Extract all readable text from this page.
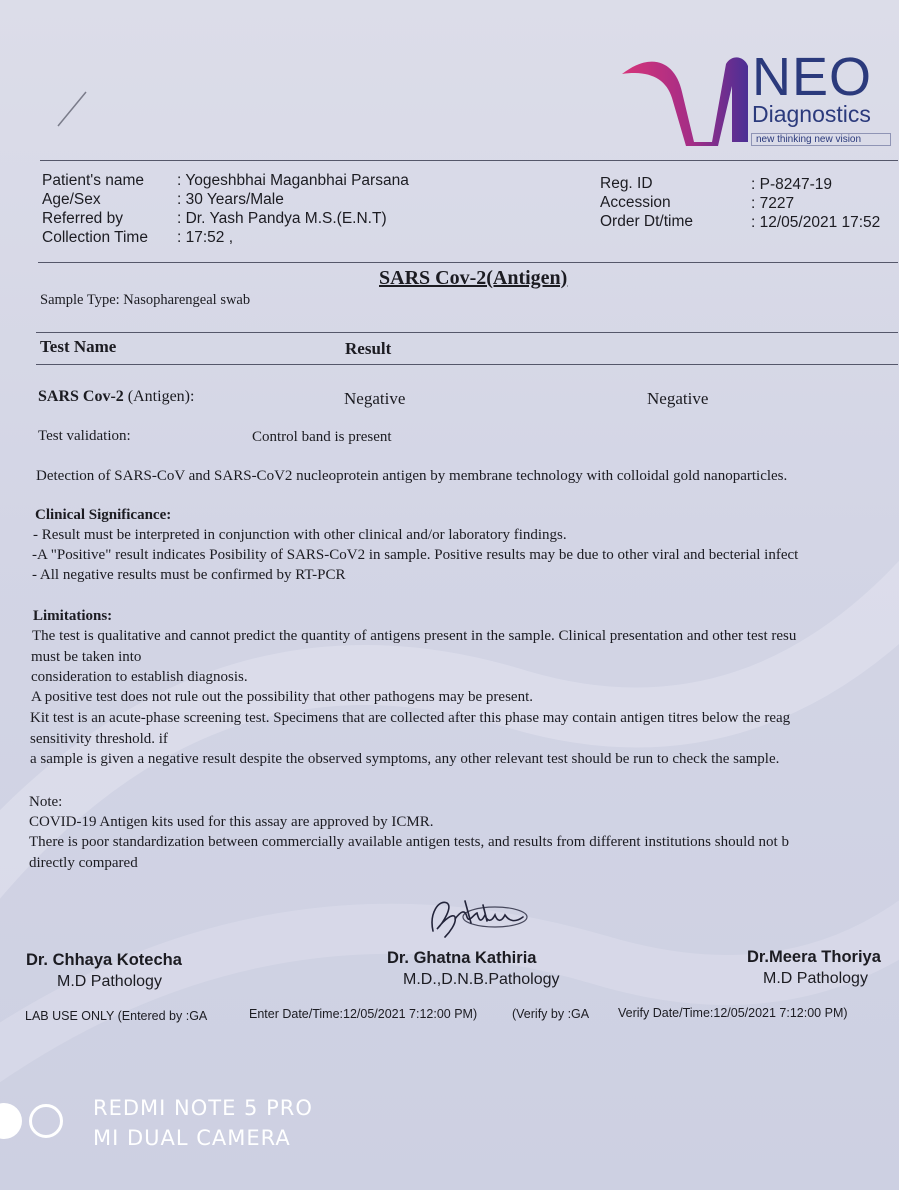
NEO
Diagnostics
new thinking new vision
Patient's name : Yogeshbhai Maganbhai Parsana
Age/Sex	: 30 Years/Male
Referred by	: Dr. Yash Pandya M.S.(E.N.T)
Collection Time : 17:52 ,
Reg. ID	: P-8247-19
Accession	: 7227
Order Dt/time	: 12/05/2021 17:52
SARS Cov-2(Antigen)
Sample Type: Nasopharengeal swab
Test Name	Result
SARS Cov-2 (Antigen):	Negative	Negative
Test validation:	Control band is present
Detection of SARS-CoV and SARS-CoV2 nucleoprotein antigen by membrane technology with colloidal gold nanoparticles.
Clinical Significance:
- Result must be interpreted in conjunction with other clinical and/or laboratory findings.
-A "Positive" result indicates Posibility of SARS-CoV2 in sample. Positive results may be due to other viral and becterial infect
- All negative results must be confirmed by RT-PCR
Limitations:
The test is qualitative and cannot predict the quantity of antigens present in the sample. Clinical presentation and other test resu
must be taken into
consideration to establish diagnosis.
A positive test does not rule out the possibility that other pathogens may be present.
Kit test is an acute-phase screening test. Specimens that are collected after this phase may contain antigen titres below the reag
sensitivity threshold. if
a sample is given a negative result despite the observed symptoms, any other relevant test should be run to check the sample.
Note:
COVID-19 Antigen kits used for this assay are approved by ICMR.
There is poor standardization between commercially available antigen tests, and results from different institutions should not b
directly compared
Dr. Chhaya Kotecha
M.D Pathology
Dr. Ghatna Kathiria
M.D.,D.N.B.Pathology
Dr.Meera Thoriya
M.D Pathology
LAB USE ONLY (Entered by :GA	Enter Date/Time:12/05/2021 7:12:00 PM)	(Verify by :GA Verify Date/Time:12/05/2021 7:12:00 PM)
REDMI NOTE 5 PRO
MI DUAL CAMERA
